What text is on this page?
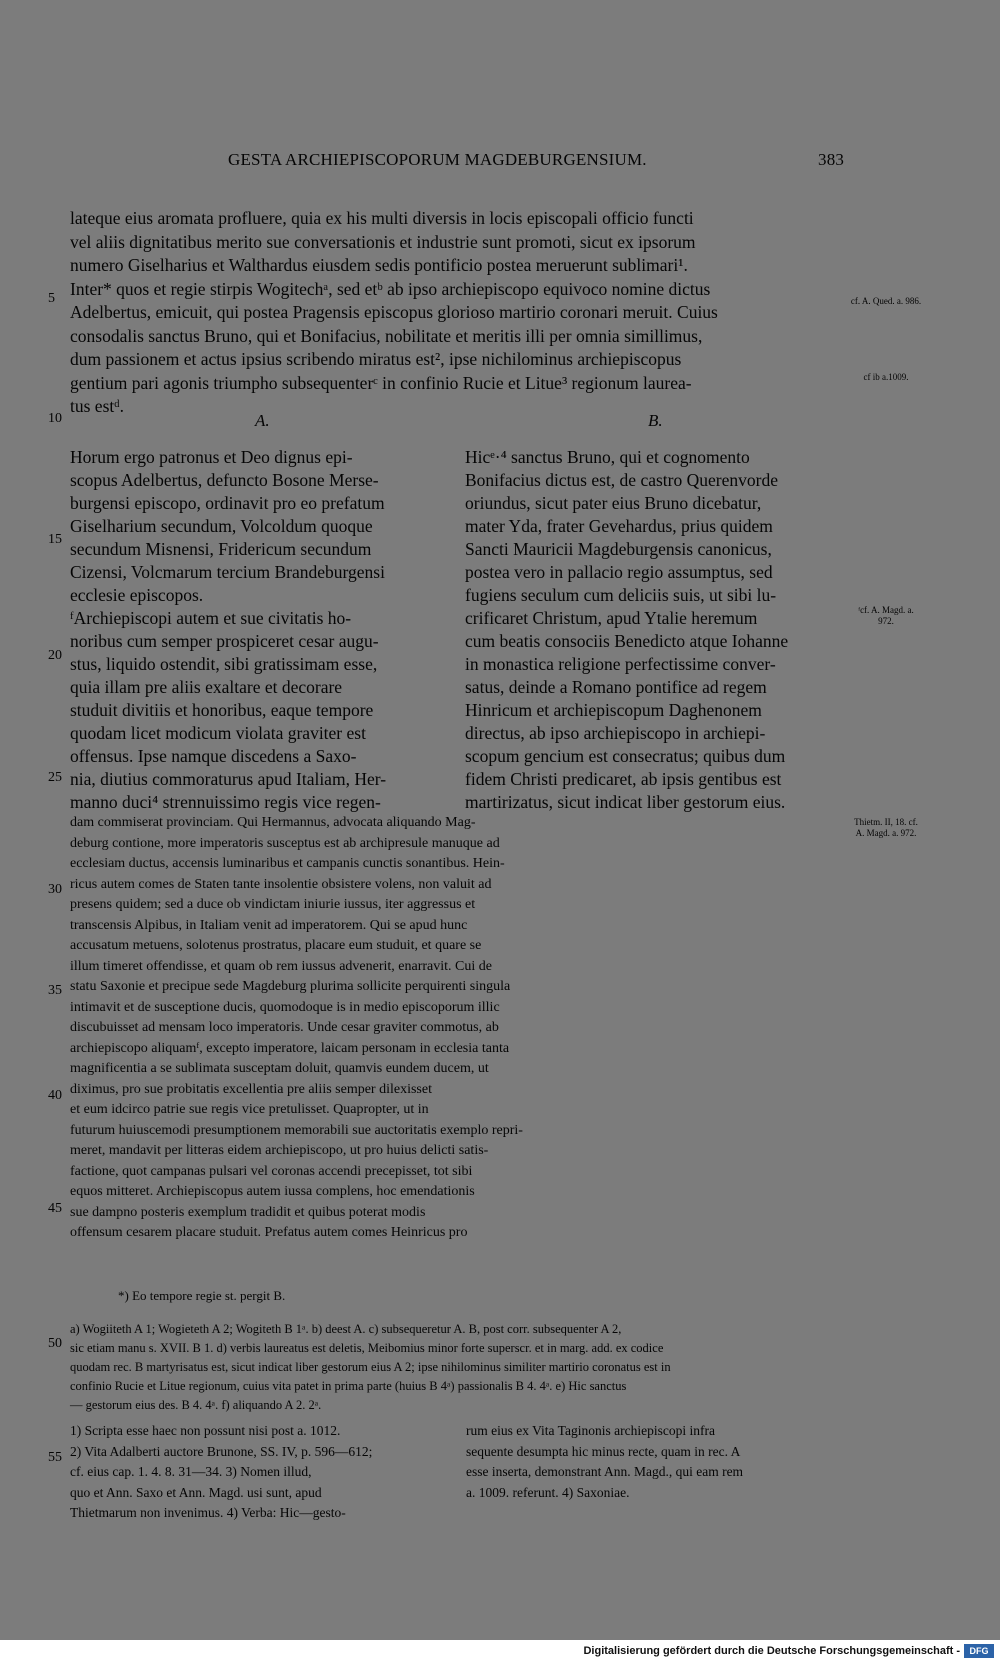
GESTA ARCHIEPISCOPORUM MAGDEBURGENSIUM.	383
5
10
15
20
25
30
35
40
45
50
55
cf. A. Qued. a. 986.
cf ib a.1009.
ᶠcf. A. Magd. a. 972.
Thietm. II, 18. cf. A. Magd. a. 972.
lateque eius aromata profluere, quia ex his multi diversis in locis episcopali officio functi
vel aliis dignitatibus merito sue conversationis et industrie sunt promoti, sicut ex ipsorum
numero Giselharius et Walthardus eiusdem sedis pontificio postea meruerunt sublimari¹.
Inter* quos et regie stirpis Wogitechᵃ, sed etᵇ ab ipso archiepiscopo equivoco nomine dictus
Adelbertus, emicuit, qui postea Pragensis episcopus glorioso martirio coronari meruit. Cuius
consodalis sanctus Bruno, qui et Bonifacius, nobilitate et meritis illi per omnia simillimus,
dum passionem et actus ipsius scribendo miratus est², ipse nichilominus archiepiscopus
gentium pari agonis triumpho subsequenterᶜ in confinio Rucie et Litue³ regionum laurea-
tus estᵈ.
A.	B.
Horum ergo patronus et Deo dignus epi-
scopus Adelbertus, defuncto Bosone Merse-
burgensi episcopo, ordinavit pro eo prefatum
Giselharium secundum, Volcoldum quoque
secundum Misnensi, Fridericum secundum
Cizensi, Volcmarum tercium Brandeburgensi
ecclesie episcopos.
ᶠArchiepiscopi autem et sue civitatis ho-
noribus cum semper prospiceret cesar augu-
stus, liquido ostendit, sibi gratissimam esse,
quia illam pre aliis exaltare et decorare
studuit divitiis et honoribus, eaque tempore
quodam licet modicum violata graviter est
offensus. Ipse namque discedens a Saxo-
nia, diutius commoraturus apud Italiam, Her-
manno duci⁴ strennuissimo regis vice regen-
Hicᵉ·⁴ sanctus Bruno, qui et cognomento
Bonifacius dictus est, de castro Querenvorde
oriundus, sicut pater eius Bruno dicebatur,
mater Yda, frater Gevehardus, prius quidem
Sancti Mauricii Magdeburgensis canonicus,
postea vero in pallacio regio assumptus, sed
fugiens seculum cum deliciis suis, ut sibi lu-
crificaret Christum, apud Ytalie heremum
cum beatis consociis Benedicto atque Iohanne
in monastica religione perfectissime conver-
satus, deinde a Romano pontifice ad regem
Hinricum et archiepiscopum Daghenonem
directus, ab ipso archiepiscopo in archiepi-
scopum gencium est consecratus; quibus dum
fidem Christi predicaret, ab ipsis gentibus est
martirizatus, sicut indicat liber gestorum eius.
dam commiserat provinciam. Qui Hermannus, advocata aliquando Mag-
deburg contione, more imperatoris susceptus est ab archipresule manuque ad
ecclesiam ductus, accensis luminaribus et campanis cunctis sonantibus. Hein-
ricus autem comes de Staten tante insolentie obsistere volens, non valuit ad
presens quidem; sed a duce ob vindictam iniurie iussus, iter aggressus et
transcensis Alpibus, in Italiam venit ad imperatorem. Qui se apud hunc
accusatum metuens, solotenus prostratus, placare eum studuit, et quare se
illum timeret offendisse, et quam ob rem iussus advenerit, enarravit. Cui de
statu Saxonie et precipue sede Magdeburg plurima sollicite perquirenti singula
intimavit et de susceptione ducis, quomodoque is in medio episcoporum illic
discubuisset ad mensam loco imperatoris. Unde cesar graviter commotus, ab
archiepiscopo aliquamᶠ, excepto imperatore, laicam personam in ecclesia tanta
magnificentia a se sublimata susceptam doluit, quamvis eundem ducem, ut
diximus, pro sue probitatis excellentia pre aliis semper dilexisset
et eum idcirco patrie sue regis vice pretulisset. Quapropter, ut in
futurum huiuscemodi presumptionem memorabili sue auctoritatis exemplo repri-
meret, mandavit per litteras eidem archiepiscopo, ut pro huius delicti satis-
factione, quot campanas pulsari vel coronas accendi precepisset, tot sibi
equos mitteret. Archiepiscopus autem iussa complens, hoc emendationis
sue dampno posteris exemplum tradidit et quibus poterat modis
offensum cesarem placare studuit. Prefatus autem comes Heinricus pro
*) Eo tempore regie st. pergit B.
a) Wogiiteth A 1; Wogieteth A 2; Wogiteth B 1ᵃ. b) deest A. c) subsequeretur A. B, post corr. subsequenter A 2,
sic etiam manu s. XVII. B 1. d) verbis laureatus est deletis, Meibomius minor forte superscr. et in marg. add. ex codice
quodam rec. B martyrisatus est, sicut indicat liber gestorum eius A 2; ipse nihilominus similiter martirio coronatus est in
confinio Rucie et Litue regionum, cuius vita patet in prima parte (huius B 4ᵃ) passionalis B 4. 4ᵃ. e) Hic sanctus
— gestorum eius des. B 4. 4ᵃ. f) aliquando A 2. 2ᵃ.
1) Scripta esse haec non possunt nisi post a. 1012.
2) Vita Adalberti auctore Brunone, SS. IV, p. 596—612;
cf. eius cap. 1. 4. 8. 31—34. 3) Nomen illud,
quo et Ann. Saxo et Ann. Magd. usi sunt, apud
Thietmarum non invenimus. 4) Verba: Hic—gesto-
rum eius ex Vita Taginonis archiepiscopi infra
sequente desumpta hic minus recte, quam in rec. A
esse inserta, demonstrant Ann. Magd., qui eam rem
a. 1009. referunt. 4) Saxoniae.
Digitalisierung gefördert durch die Deutsche Forschungsgemeinschaft -	DFG
